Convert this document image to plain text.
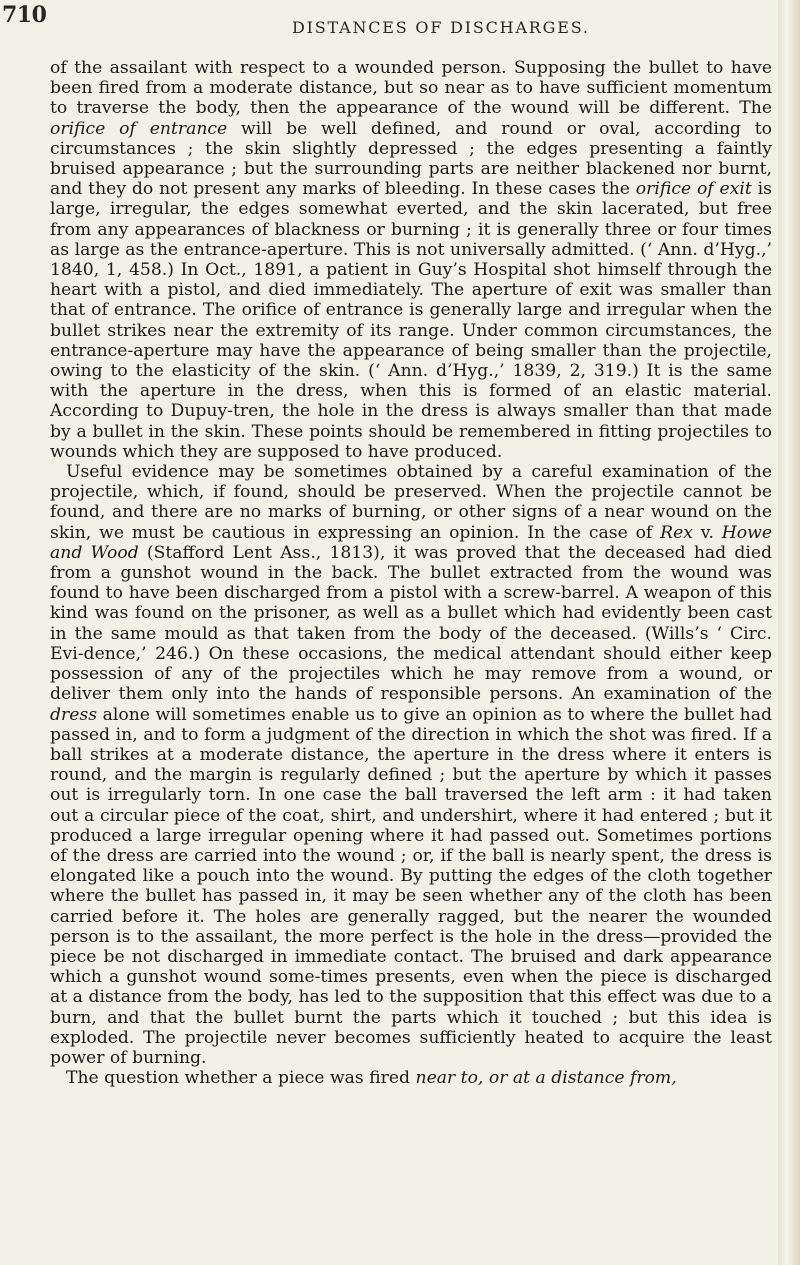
710	DISTANCES OF DISCHARGES.

of the assailant with respect to a wounded person. Supposing the bullet to have been fired from a moderate distance, but so near as to have sufficient momentum to traverse the body, then the appearance of the wound will be different. The orifice of entrance will be well defined, and round or oval, according to circumstances ; the skin slightly depressed ; the edges presenting a faintly bruised appearance ; but the surrounding parts are neither blackened nor burnt, and they do not present any marks of bleeding. In these cases the orifice of exit is large, irregular, the edges somewhat everted, and the skin lacerated, but free from any appearances of blackness or burning ; it is generally three or four times as large as the entrance-aperture. This is not universally admitted. (‘ Ann. d’Hyg.,’ 1840, 1, 458.) In Oct., 1891, a patient in Guy’s Hospital shot himself through the heart with a pistol, and died immediately. The aperture of exit was smaller than that of entrance. The orifice of entrance is generally large and irregular when the bullet strikes near the extremity of its range. Under common circumstances, the entrance-aperture may have the appearance of being smaller than the projectile, owing to the elasticity of the skin. (‘ Ann. d’Hyg.,’ 1839, 2, 319.) It is the same with the aperture in the dress, when this is formed of an elastic material. According to Dupuy-tren, the hole in the dress is always smaller than that made by a bullet in the skin. These points should be remembered in fitting projectiles to wounds which they are supposed to have produced.

Useful evidence may be sometimes obtained by a careful examination of the projectile, which, if found, should be preserved. When the projectile cannot be found, and there are no marks of burning, or other signs of a near wound on the skin, we must be cautious in expressing an opinion. In the case of Rex v. Howe and Wood (Stafford Lent Ass., 1813), it was proved that the deceased had died from a gunshot wound in the back. The bullet extracted from the wound was found to have been discharged from a pistol with a screw-barrel. A weapon of this kind was found on the prisoner, as well as a bullet which had evidently been cast in the same mould as that taken from the body of the deceased. (Wills’s ‘ Circ. Evi-dence,’ 246.) On these occasions, the medical attendant should either keep possession of any of the projectiles which he may remove from a wound, or deliver them only into the hands of responsible persons. An examination of the dress alone will sometimes enable us to give an opinion as to where the bullet had passed in, and to form a judgment of the direction in which the shot was fired. If a ball strikes at a moderate distance, the aperture in the dress where it enters is round, and the margin is regularly defined ; but the aperture by which it passes out is irregularly torn. In one case the ball traversed the left arm : it had taken out a circular piece of the coat, shirt, and undershirt, where it had entered ; but it produced a large irregular opening where it had passed out. Sometimes portions of the dress are carried into the wound ; or, if the ball is nearly spent, the dress is elongated like a pouch into the wound. By putting the edges of the cloth together where the bullet has passed in, it may be seen whether any of the cloth has been carried before it. The holes are generally ragged, but the nearer the wounded person is to the assailant, the more perfect is the hole in the dress—provided the piece be not discharged in immediate contact. The bruised and dark appearance which a gunshot wound some-times presents, even when the piece is discharged at a distance from the body, has led to the supposition that this effect was due to a burn, and that the bullet burnt the parts which it touched ; but this idea is exploded. The projectile never becomes sufficiently heated to acquire the least power of burning.

The question whether a piece was fired near to, or at a distance from,
